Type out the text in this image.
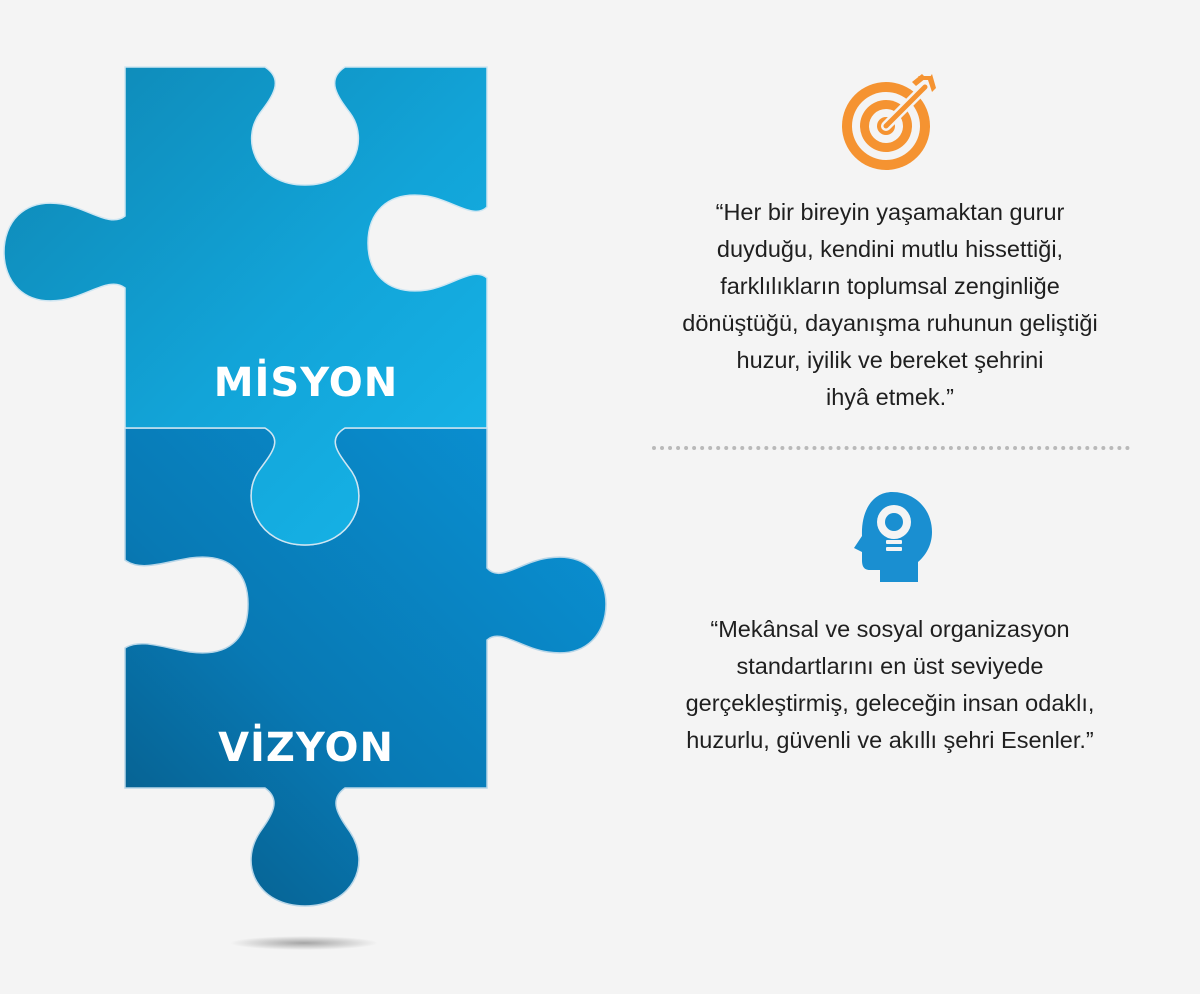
MİSYON
VİZYON

“Her bir bireyin yaşamaktan gurur
duyduğu, kendini mutlu hissettiği,
farklılıkların toplumsal zenginliğe
dönüştüğü, dayanışma ruhunun geliştiği
huzur, iyilik ve bereket şehrini
ihyâ etmek.”

“Mekânsal ve sosyal organizasyon
standartlarını en üst seviyede
gerçekleştirmiş, geleceğin insan odaklı,
huzurlu, güvenli ve akıllı şehri Esenler.”
